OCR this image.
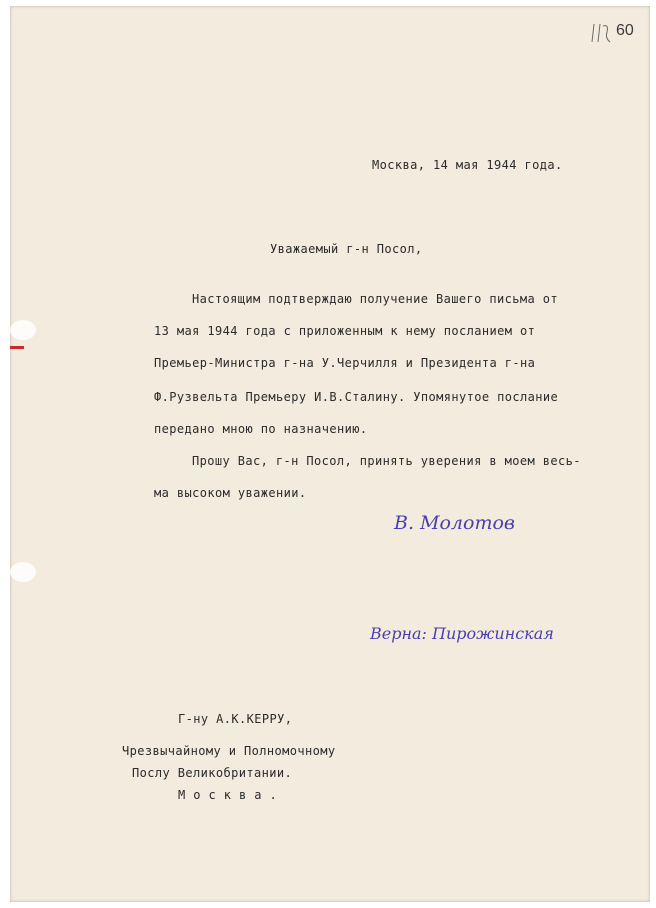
60
Москва, 14 мая 1944 года.
Уважаемый г-н Посол,
Настоящим подтверждаю получение Вашего письма от
13 мая 1944 года с приложенным к нему посланием от
Премьер-Министра г-на У.Черчилля и Президента г-на
Ф.Рузвельта Премьеру И.В.Сталину. Упомянутое послание
передано мною по назначению.
Прошу Вас, г-н Посол, принять уверения в моем весь-
ма высоком уважении.
В. Молотов
Верна: Пирожинская
Г-ну А.К.КЕРРУ,
Чрезвычайному и Полномочному
Послу Великобритании.
М о с к в а .
